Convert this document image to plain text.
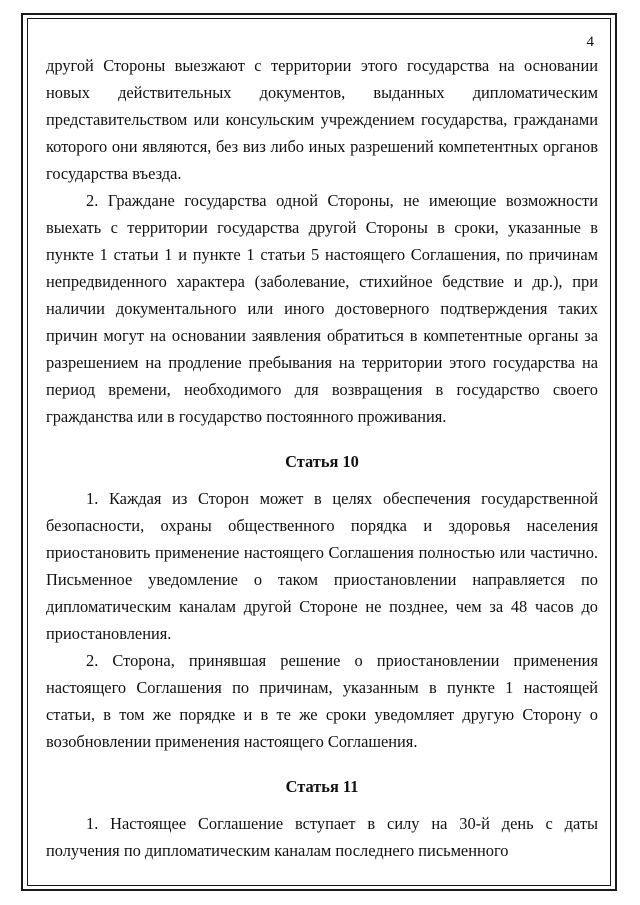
4

другой Стороны выезжают с территории этого государства на основании новых действительных документов, выданных дипломатическим представительством или консульским учреждением государства, гражданами которого они являются, без виз либо иных разрешений компетентных органов государства въезда.

2. Граждане государства одной Стороны, не имеющие возможности выехать с территории государства другой Стороны в сроки, указанные в пункте 1 статьи 1 и пункте 1 статьи 5 настоящего Соглашения, по причинам непредвиденного характера (заболевание, стихийное бедствие и др.), при наличии документального или иного достоверного подтверждения таких причин могут на основании заявления обратиться в компетентные органы за разрешением на продление пребывания на территории этого государства на период времени, необходимого для возвращения в государство своего гражданства или в государство постоянного проживания.

Статья 10

1. Каждая из Сторон может в целях обеспечения государственной безопасности, охраны общественного порядка и здоровья населения приостановить применение настоящего Соглашения полностью или частично. Письменное уведомление о таком приостановлении направляется по дипломатическим каналам другой Стороне не позднее, чем за 48 часов до приостановления.

2. Сторона, принявшая решение о приостановлении применения настоящего Соглашения по причинам, указанным в пункте 1 настоящей статьи, в том же порядке и в те же сроки уведомляет другую Сторону о возобновлении применения настоящего Соглашения.

Статья 11

1. Настоящее Соглашение вступает в силу на 30-й день с даты получения по дипломатическим каналам последнего письменного
